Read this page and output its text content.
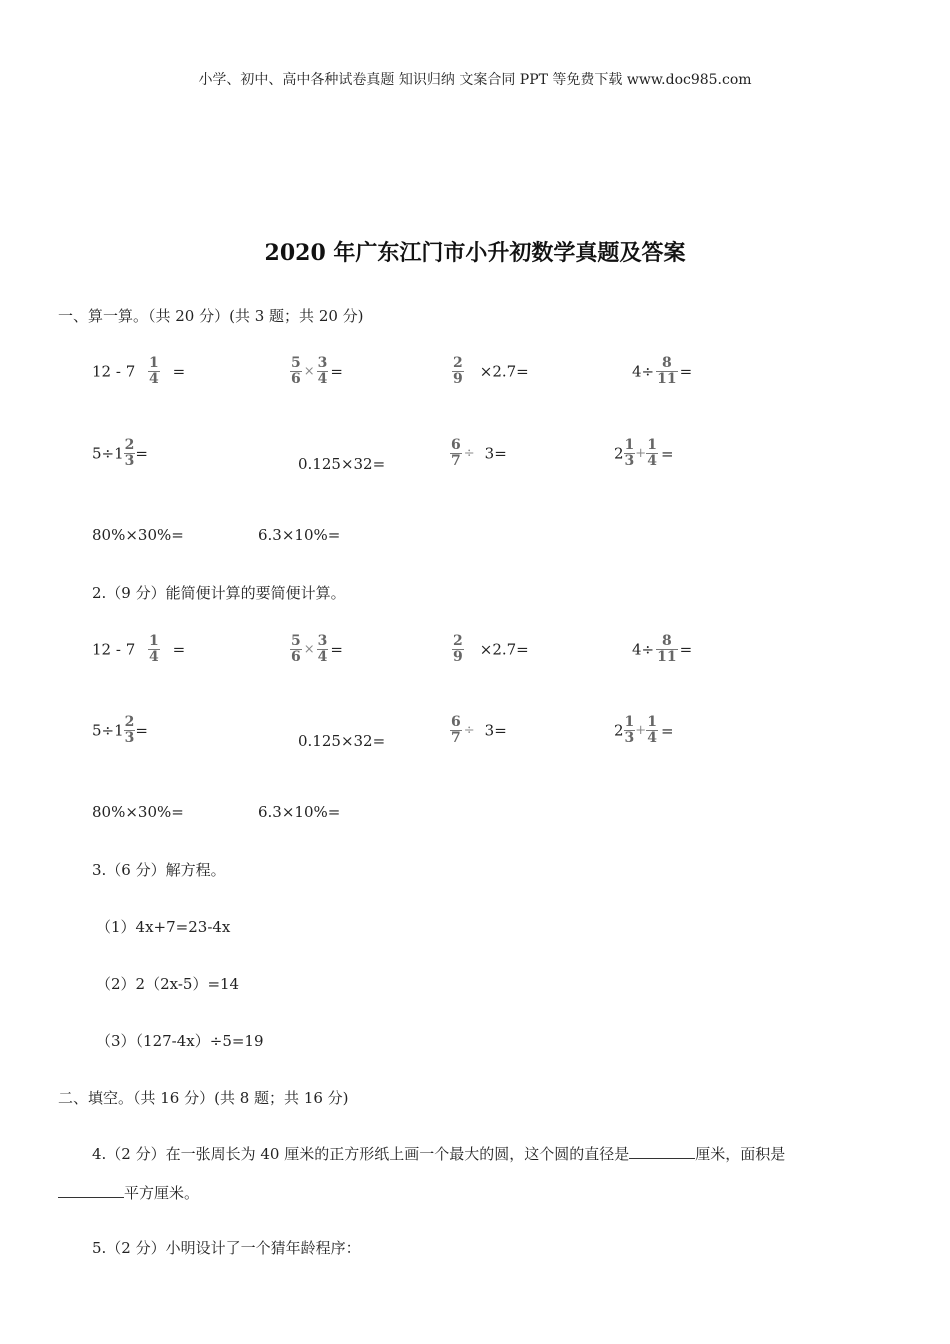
小学、初中、高中各种试卷真题 知识归纳 文案合同 PPT 等免费下载 www.doc985.com
2020 年广东江门市小升初数学真题及答案
一、算一算。（共 20 分）(共 3 题；共 20 分)
$12 - 7 \frac{1}{4}$ =	$\frac{5}{6} \times \frac{3}{4}$ =	$\frac{2}{9} \times 2.7=$	$4\div \frac{8}{11}$ =
$5\div 1 \frac{2}{3}$ =
0.125×32=	$\frac{6}{7} \div 3=$	$2 \frac{1}{3} + \frac{1}{4}$ =
80%×30%=	6.3×10%=
2.（9 分）能简便计算的要简便计算。
$12 - 7 \frac{1}{4}$ =	$\frac{5}{6} \times \frac{3}{4}$ =	$\frac{2}{9} \times 2.7=$	$4\div \frac{8}{11}$ =
$5\div 1 \frac{2}{3}$ =
0.125×32=	$\frac{6}{7} \div 3=$	$2 \frac{1}{3} + \frac{1}{4}$ =
80%×30%=	6.3×10%=
3.（6 分）解方程。
（1）4x+7=23-4x
（2）2（2x-5）=14
（3）（127-4x）÷5=19
二、填空。（共 16 分）(共 8 题；共 16 分)
4.（2 分）在一张周长为 40 厘米的正方形纸上画一个最大的圆，这个圆的直径是	厘米，面积是
平方厘米。
5.（2 分）小明设计了一个猜年龄程序：
